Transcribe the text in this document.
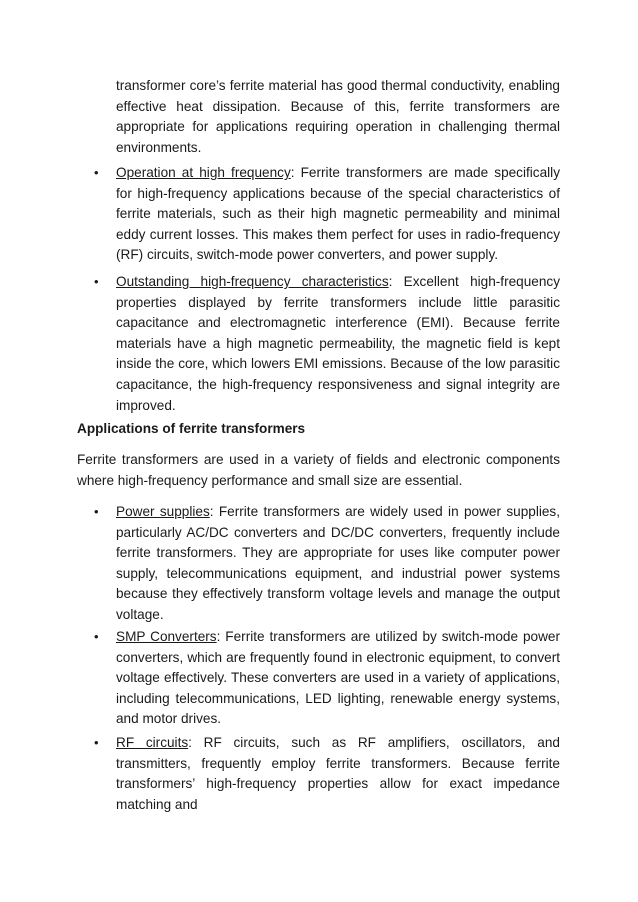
transformer core’s ferrite material has good thermal conductivity, enabling effective heat dissipation. Because of this, ferrite transformers are appropriate for applications requiring operation in challenging thermal environments.

• Operation at high frequency: Ferrite transformers are made specifically for high-frequency applications because of the special characteristics of ferrite materials, such as their high magnetic permeability and minimal eddy current losses. This makes them perfect for uses in radio-frequency (RF) circuits, switch-mode power converters, and power supply.

• Outstanding high-frequency characteristics: Excellent high-frequency properties displayed by ferrite transformers include little parasitic capacitance and electromagnetic interference (EMI). Because ferrite materials have a high magnetic permeability, the magnetic field is kept inside the core, which lowers EMI emissions. Because of the low parasitic capacitance, the high-frequency responsiveness and signal integrity are improved.

Applications of ferrite transformers

Ferrite transformers are used in a variety of fields and electronic components where high-frequency performance and small size are essential.

• Power supplies: Ferrite transformers are widely used in power supplies, particularly AC/DC converters and DC/DC converters, frequently include ferrite transformers. They are appropriate for uses like computer power supply, telecommunications equipment, and industrial power systems because they effectively transform voltage levels and manage the output voltage.

• SMP Converters: Ferrite transformers are utilized by switch-mode power converters, which are frequently found in electronic equipment, to convert voltage effectively. These converters are used in a variety of applications, including telecommunications, LED lighting, renewable energy systems, and motor drives.

• RF circuits: RF circuits, such as RF amplifiers, oscillators, and transmitters, frequently employ ferrite transformers. Because ferrite transformers’ high-frequency properties allow for exact impedance matching and
